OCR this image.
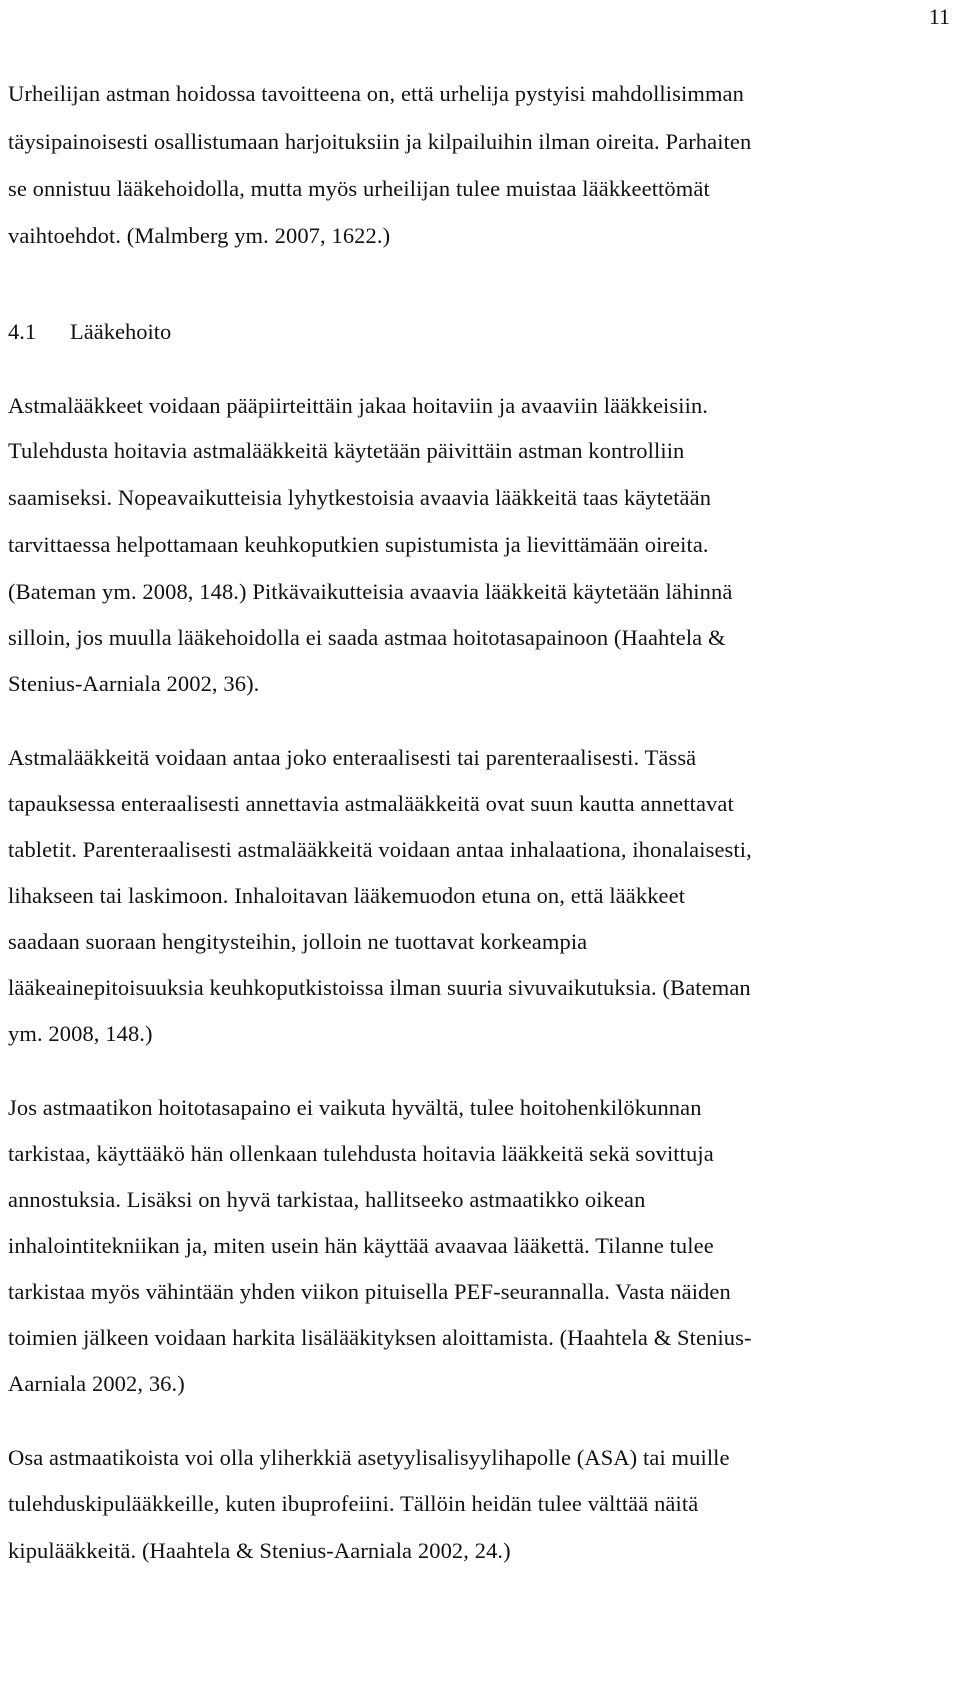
11
Urheilijan astman hoidossa tavoitteena on, että urhelija pystyisi mahdollisimman
täysipainoisesti osallistumaan harjoituksiin ja kilpailuihin ilman oireita. Parhaiten
se onnistuu lääkehoidolla, mutta myös urheilijan tulee muistaa lääkkeettömät
vaihtoehdot. (Malmberg ym. 2007, 1622.)
4.1 Lääkehoito
Astmalääkkeet voidaan pääpiirteittäin jakaa hoitaviin ja avaaviin lääkkeisiin.
Tulehdusta hoitavia astmalääkkeitä käytetään päivittäin astman kontrolliin
saamiseksi. Nopeavaikutteisia lyhytkestoisia avaavia lääkkeitä taas käytetään
tarvittaessa helpottamaan keuhkoputkien supistumista ja lievittämään oireita.
(Bateman ym. 2008, 148.) Pitkävaikutteisia avaavia lääkkeitä käytetään lähinnä
silloin, jos muulla lääkehoidolla ei saada astmaa hoitotasapainoon (Haahtela &
Stenius-Aarniala 2002, 36).
Astmalääkkeitä voidaan antaa joko enteraalisesti tai parenteraalisesti. Tässä
tapauksessa enteraalisesti annettavia astmalääkkeitä ovat suun kautta annettavat
tabletit. Parenteraalisesti astmalääkkeitä voidaan antaa inhalaationa, ihonalaisesti,
lihakseen tai laskimoon. Inhaloitavan lääkemuodon etuna on, että lääkkeet
saadaan suoraan hengitysteihin, jolloin ne tuottavat korkeampia
lääkeainepitoisuuksia keuhkoputkistoissa ilman suuria sivuvaikutuksia. (Bateman
ym. 2008, 148.)
Jos astmaatikon hoitotasapaino ei vaikuta hyvältä, tulee hoitohenkilökunnan
tarkistaa, käyttääkö hän ollenkaan tulehdusta hoitavia lääkkeitä sekä sovittuja
annostuksia. Lisäksi on hyvä tarkistaa, hallitseeko astmaatikko oikean
inhalointitekniikan ja, miten usein hän käyttää avaavaa lääkettä. Tilanne tulee
tarkistaa myös vähintään yhden viikon pituisella PEF-seurannalla. Vasta näiden
toimien jälkeen voidaan harkita lisälääkityksen aloittamista. (Haahtela & Stenius-
Aarniala 2002, 36.)
Osa astmaatikoista voi olla yliherkkiä asetyylisalisyylihapolle (ASA) tai muille
tulehduskipulääkkeille, kuten ibuprofeiini. Tällöin heidän tulee välttää näitä
kipulääkkeitä. (Haahtela & Stenius-Aarniala 2002, 24.)
